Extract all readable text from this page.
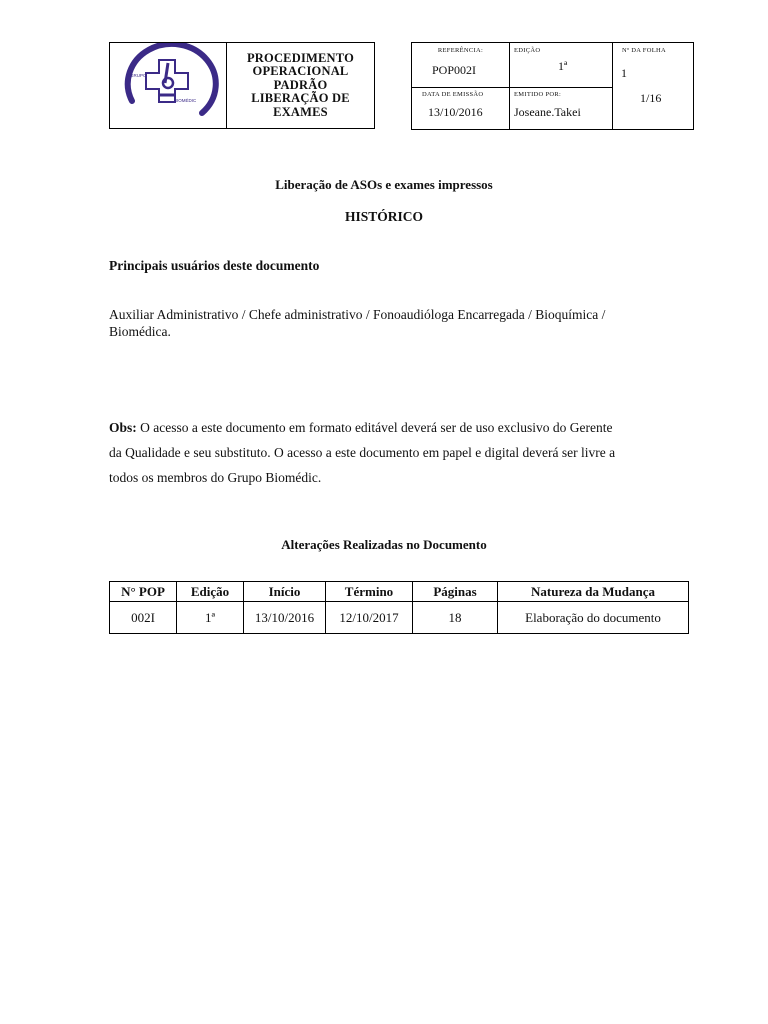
GRUPO
BIOMÉDIC
PROCEDIMENTO
OPERACIONAL
PADRÃO
LIBERAÇÃO DE
EXAMES
REFERÊNCIA:
POP002I
EDIÇÃO
1ª
Nº DA FOLHA
1
1/16
DATA DE EMISSÃO
13/10/2016
EMITIDO POR:
Joseane.Takei
Liberação de ASOs e exames impressos
HISTÓRICO
Principais usuários deste documento
Auxiliar Administrativo / Chefe administrativo / Fonoaudióloga Encarregada / Bioquímica /
Biomédica.
Obs: O acesso a este documento em formato editável deverá ser de uso exclusivo do Gerente
da Qualidade e seu substituto. O acesso a este documento em papel e digital deverá ser livre a
todos os membros do Grupo Biomédic.
Alterações Realizadas no Documento
N° POP	Edição	Início	Término	Páginas	Natureza da Mudança
002I	1ª	13/10/2016	12/10/2017	18	Elaboração do documento
